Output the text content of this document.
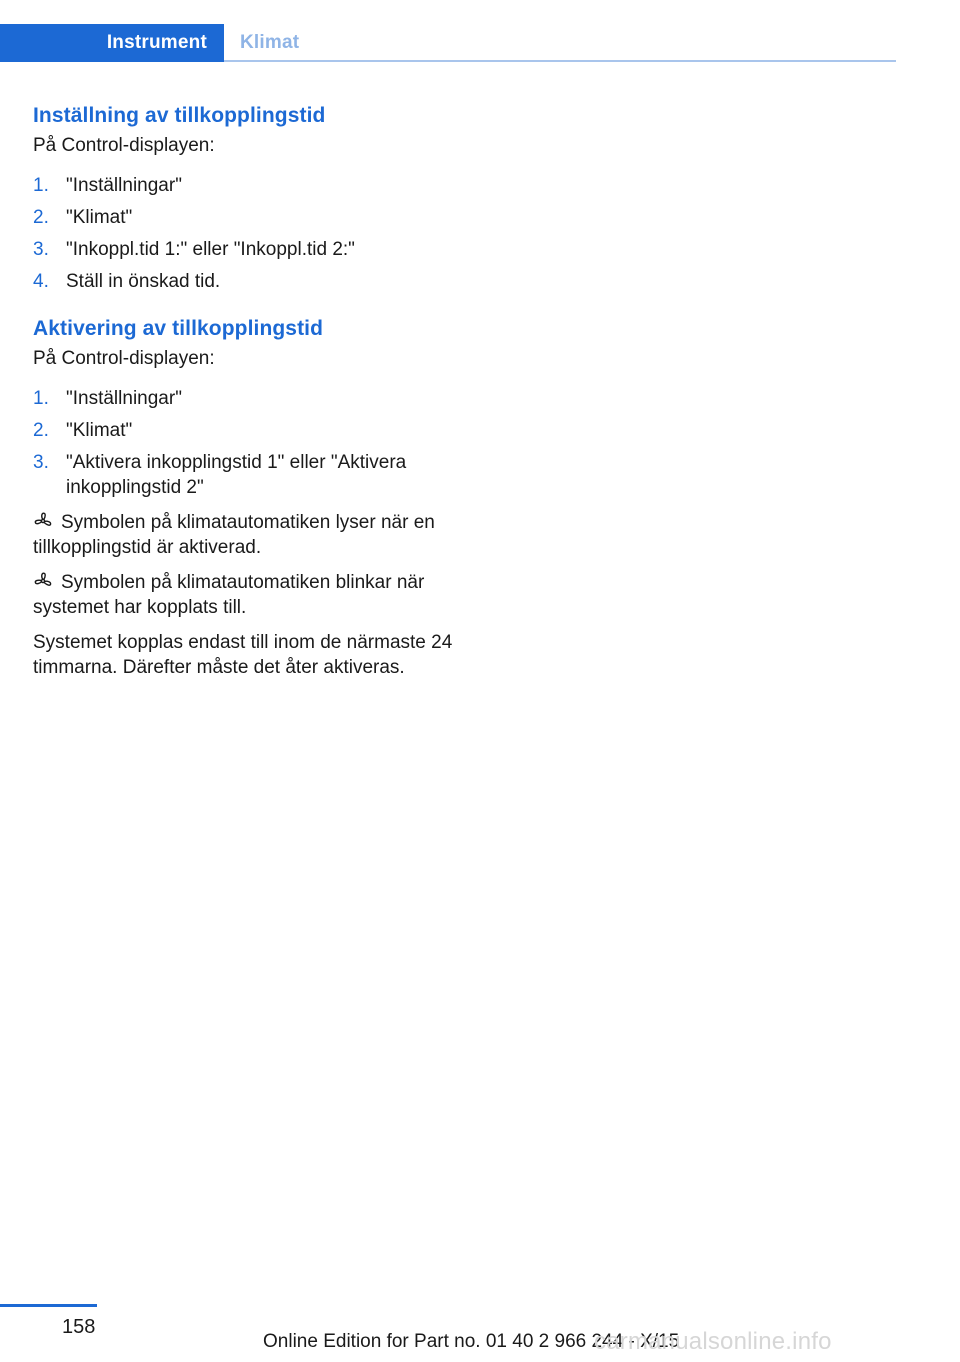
Instrument	Klimat
Inställning av tillkopplingstid

På Control-displayen:

1. "Inställningar"
2. "Klimat"
3. "Inkoppl.tid 1:" eller "Inkoppl.tid 2:"
4. Ställ in önskad tid.
Aktivering av tillkopplingstid

På Control-displayen:

1. "Inställningar"
2. "Klimat"
3. "Aktivera inkopplingstid 1" eller "Aktivera inkopplingstid 2"

Symbolen på klimatautomatiken lyser när en tillkopplingstid är aktiverad.

Symbolen på klimatautomatiken blinkar när systemet har kopplats till.

Systemet kopplas endast till inom de närmaste 24 timmarna. Därefter måste det åter aktiveras.

158
Online Edition for Part no. 01 40 2 966 244 - X/15
carmanualsonline.info
